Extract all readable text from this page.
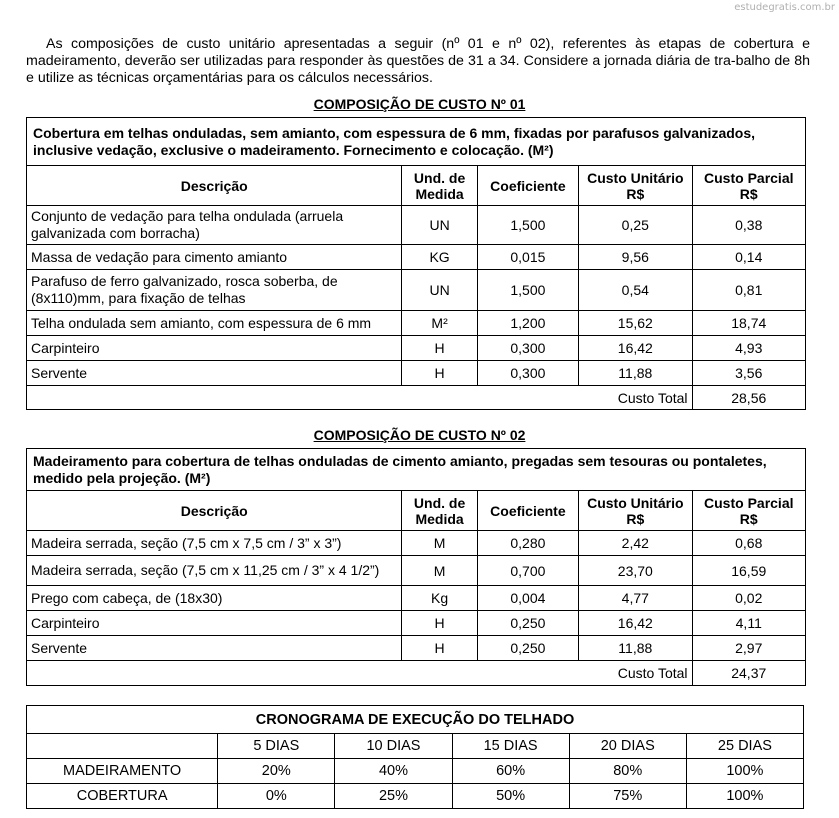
estudegratis.com.br
As composições de custo unitário apresentadas a seguir (nº 01 e nº 02), referentes às etapas de cobertura e madeiramento, deverão ser utilizadas para responder às questões de 31 a 34. Considere a jornada diária de tra-balho de 8h e utilize as técnicas orçamentárias para os cálculos necessários.
COMPOSIÇÃO DE CUSTO Nº 01
Cobertura em telhas onduladas, sem amianto, com espessura de 6 mm, fixadas por parafusos galvanizados, inclusive vedação, exclusive o madeiramento. Fornecimento e colocação. (M²)				
Descrição	Und. de Medida	Coeficiente	Custo Unitário R$	Custo Parcial R$
Conjunto de vedação para telha ondulada (arruela galvanizada com borracha)	UN	1,500	0,25	0,38
Massa de vedação para cimento amianto	KG	0,015	9,56	0,14
Parafuso de ferro galvanizado, rosca soberba, de (8x110)mm, para fixação de telhas	UN	1,500	0,54	0,81
Telha ondulada sem amianto, com espessura de 6 mm	M²	1,200	15,62	18,74
Carpinteiro	H	0,300	16,42	4,93
Servente	H	0,300	11,88	3,56
			Custo Total	28,56
COMPOSIÇÃO DE CUSTO Nº 02
Madeiramento para cobertura de telhas onduladas de cimento amianto, pregadas sem tesouras ou pontaletes, medido pela projeção. (M²)				
Descrição	Und. de Medida	Coeficiente	Custo Unitário R$	Custo Parcial R$
Madeira serrada, seção (7,5 cm x 7,5 cm / 3” x 3”)	M	0,280	2,42	0,68
Madeira serrada, seção (7,5 cm x 11,25 cm / 3” x 4 1/2”)	M	0,700	23,70	16,59
Prego com cabeça, de (18x30)	Kg	0,004	4,77	0,02
Carpinteiro	H	0,250	16,42	4,11
Servente	H	0,250	11,88	2,97
			Custo Total	24,37
CRONOGRAMA DE EXECUÇÃO DO TELHADO					
	5 DIAS	10 DIAS	15 DIAS	20 DIAS	25 DIAS
MADEIRAMENTO	20%	40%	60%	80%	100%
COBERTURA	0%	25%	50%	75%	100%
